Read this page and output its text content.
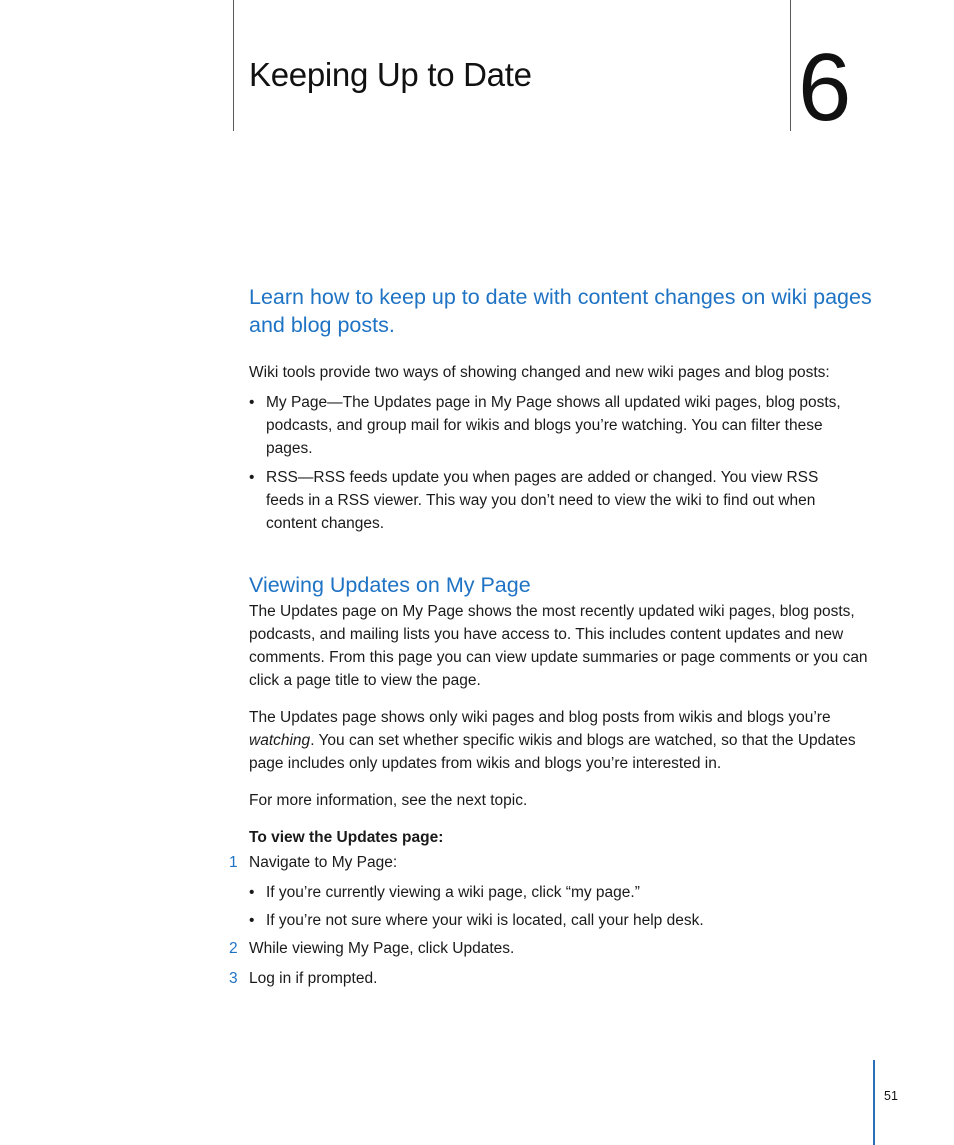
Keeping Up to Date	6
Learn how to keep up to date with content changes on wiki pages and blog posts.

Wiki tools provide two ways of showing changed and new wiki pages and blog posts:

• My Page—The Updates page in My Page shows all updated wiki pages, blog posts, podcasts, and group mail for wikis and blogs you’re watching. You can filter these pages.
• RSS—RSS feeds update you when pages are added or changed. You view RSS feeds in a RSS viewer. This way you don’t need to view the wiki to find out when content changes.
Viewing Updates on My Page

The Updates page on My Page shows the most recently updated wiki pages, blog posts, podcasts, and mailing lists you have access to. This includes content updates and new comments. From this page you can view update summaries or page comments or you can click a page title to view the page.

The Updates page shows only wiki pages and blog posts from wikis and blogs you’re watching. You can set whether specific wikis and blogs are watched, so that the Updates page includes only updates from wikis and blogs you’re interested in.

For more information, see the next topic.

To view the Updates page:
1 Navigate to My Page:
• If you’re currently viewing a wiki page, click “my page.”
• If you’re not sure where your wiki is located, call your help desk.
2 While viewing My Page, click Updates.
3 Log in if prompted.
51
